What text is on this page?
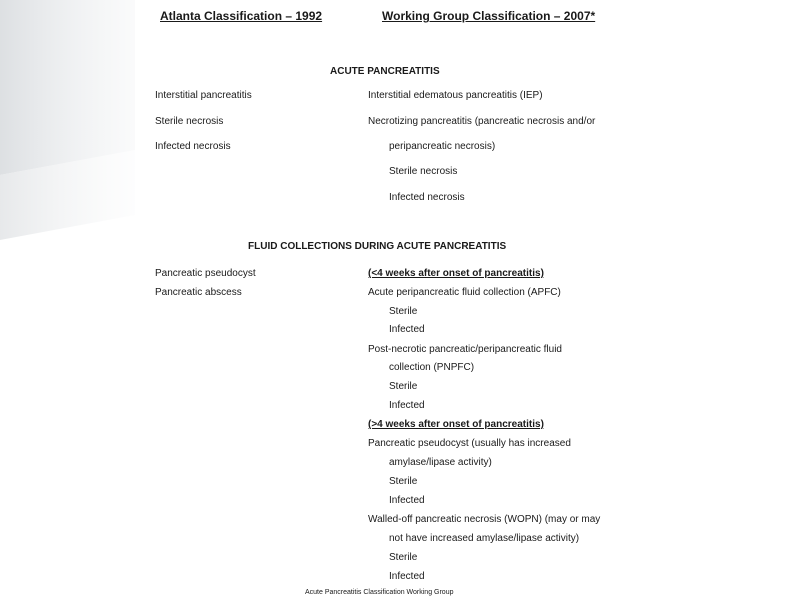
Atlanta Classification – 1992	Working Group Classification – 2007*
ACUTE PANCREATITIS
Interstitial pancreatitis
Sterile necrosis
Infected necrosis
Interstitial edematous pancreatitis (IEP)
Necrotizing pancreatitis (pancreatic necrosis and/or
peripancreatic necrosis)
Sterile necrosis
Infected necrosis
FLUID COLLECTIONS DURING ACUTE PANCREATITIS
Pancreatic pseudocyst
Pancreatic abscess
(<4 weeks after onset of pancreatitis)
Acute peripancreatic fluid collection (APFC)
Sterile
Infected
Post-necrotic pancreatic/peripancreatic fluid
collection (PNPFC)
Sterile
Infected
(>4 weeks after onset of pancreatitis)
Pancreatic pseudocyst (usually has increased
amylase/lipase activity)
Sterile
Infected
Walled-off pancreatic necrosis (WOPN) (may or may
not have increased amylase/lipase activity)
Sterile
Infected
Acute Pancreatitis Classification Working Group
